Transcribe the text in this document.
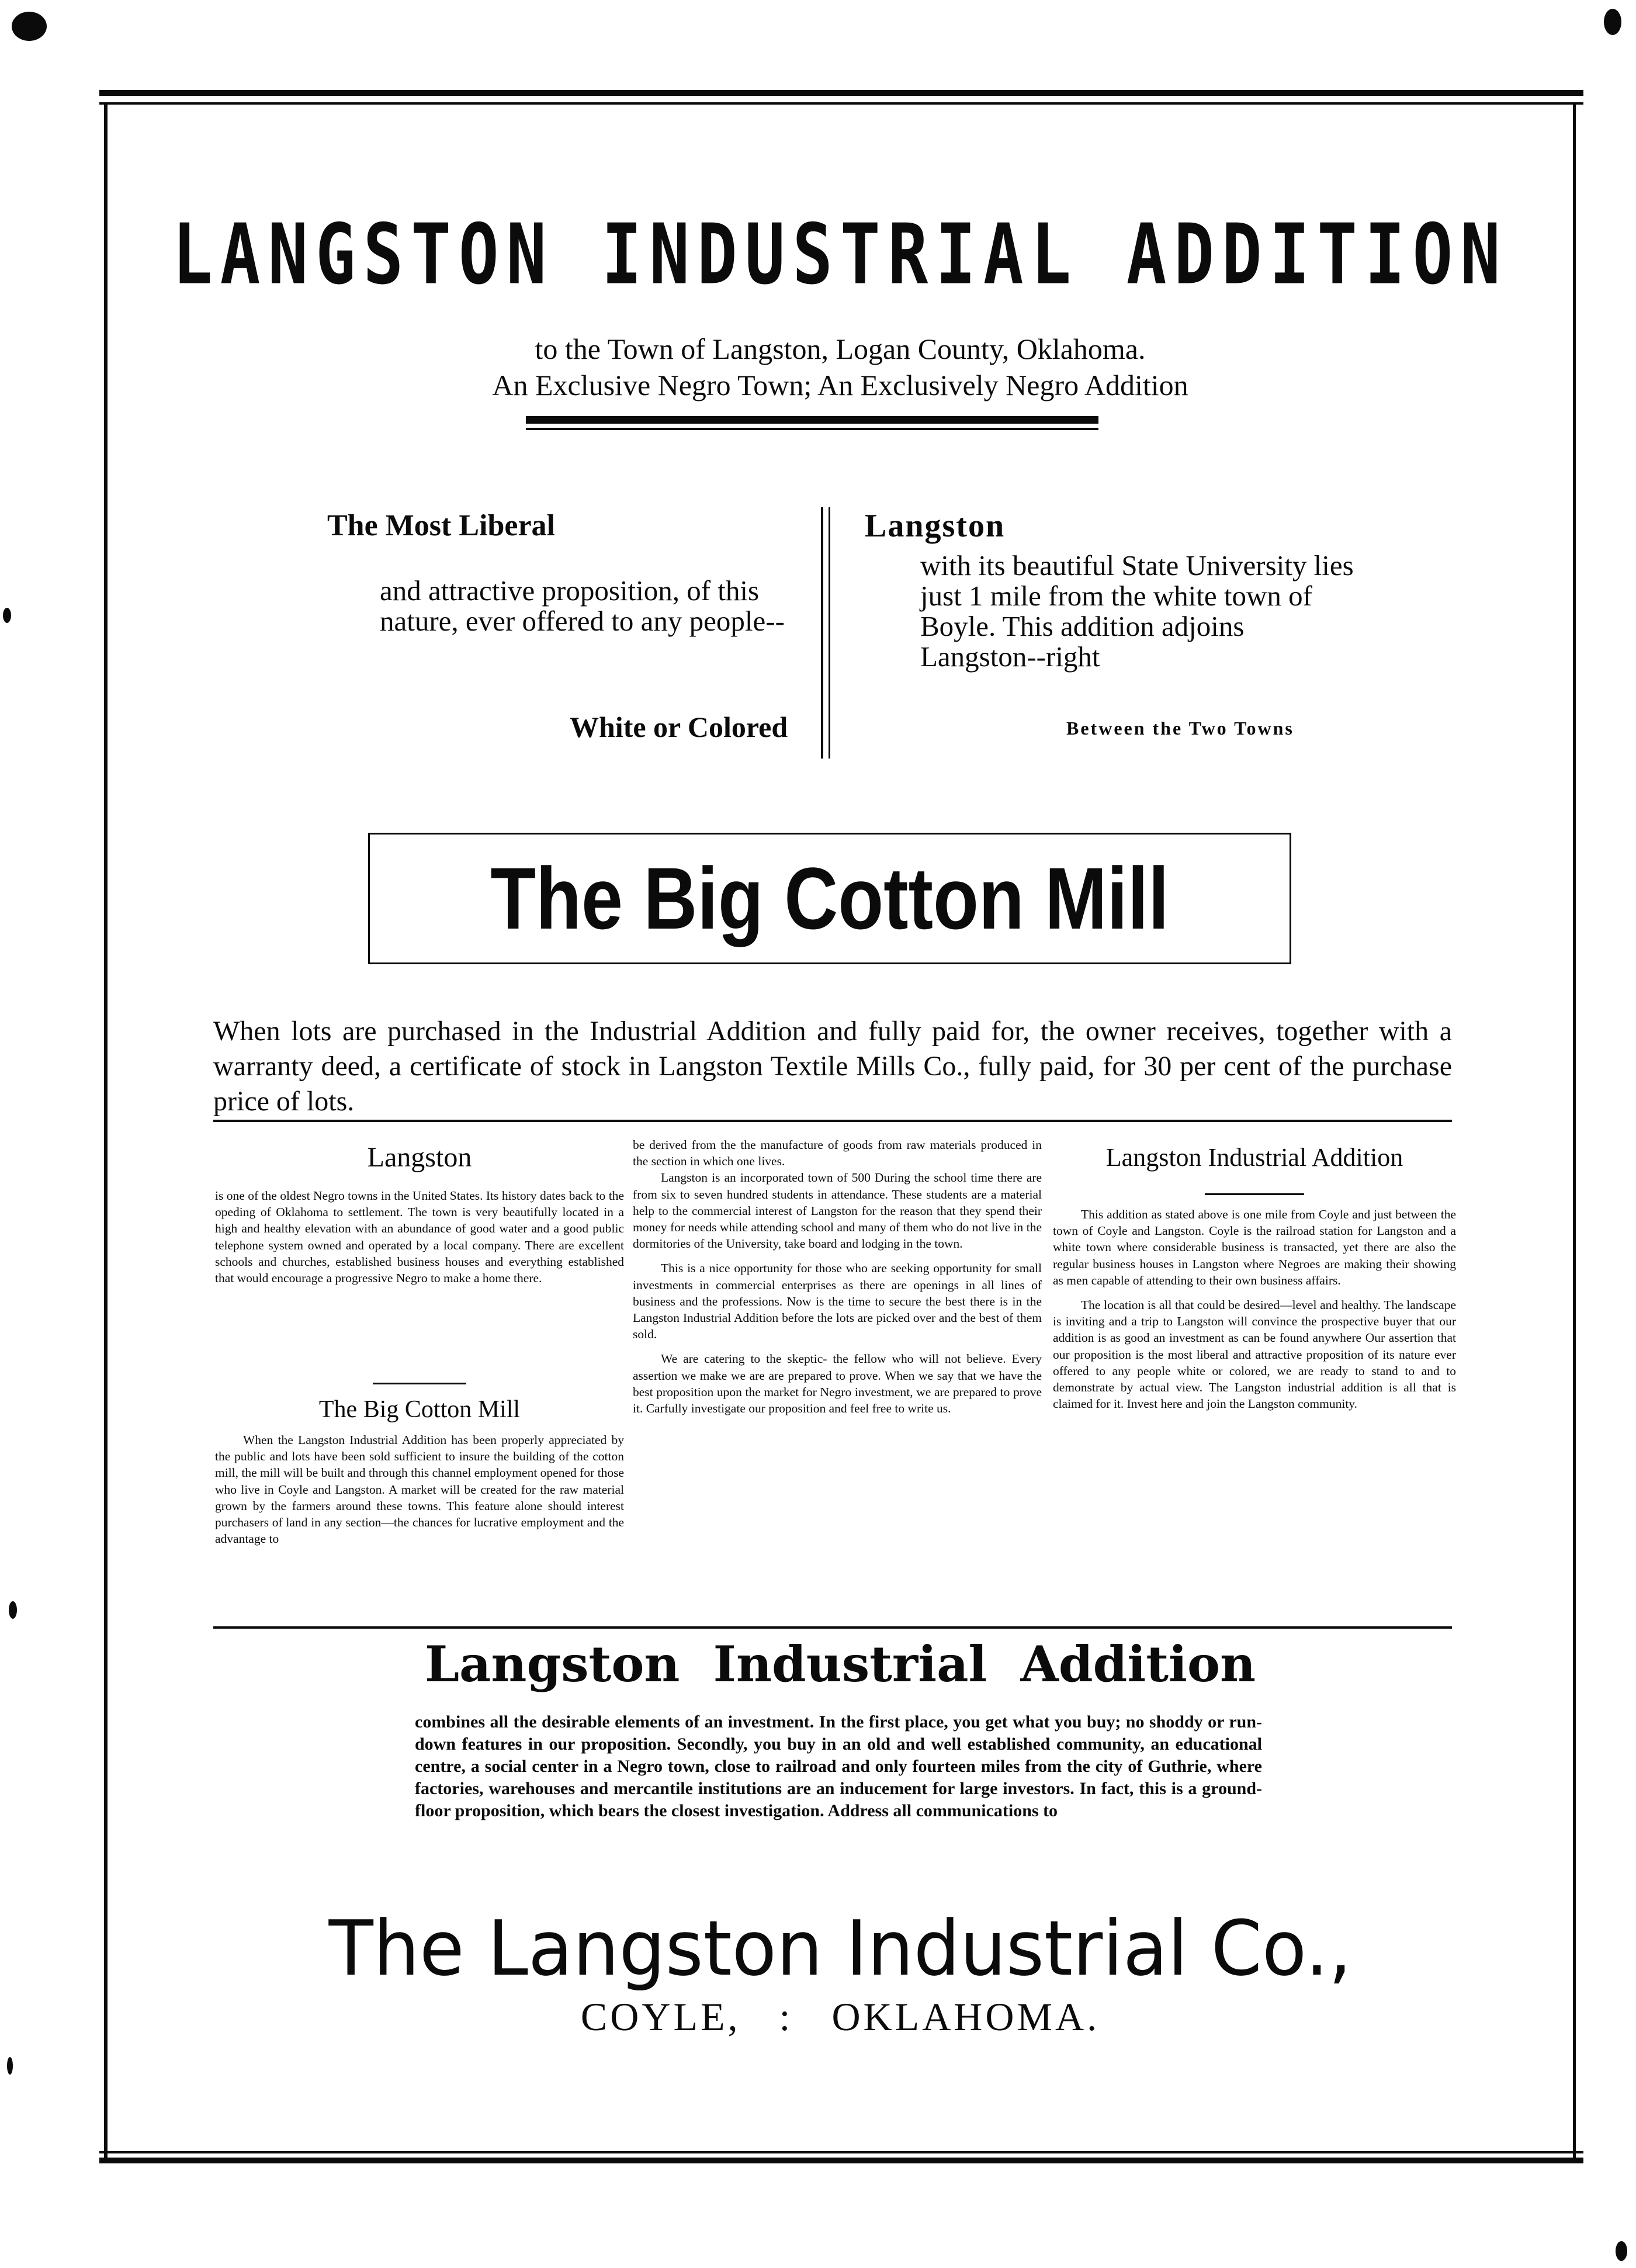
LANGSTON INDUSTRIAL ADDITION
to the Town of Langston, Logan County, Oklahoma.
An Exclusive Negro Town; An Exclusively Negro Addition
The Most Liberal
and attractive proposition, of this nature, ever offered to any people--
White or Colored
Langston
with its beautiful State University lies just 1 mile from the white town of Boyle. This addition adjoins Langston--right
Between the Two Towns
The Big Cotton Mill
When lots are purchased in the Industrial Addition and fully paid for, the owner receives, together with a warranty deed, a certificate of stock in Langston Textile Mills Co., fully paid, for 30 per cent of the purchase price of lots.
Langston

is one of the oldest Negro towns in the United States. Its history dates back to the opeding of Oklahoma to settlement. The town is very beautifully located in a high and healthy elevation with an abundance of good water and a good public telephone system owned and operated by a local company. There are excellent schools and churches, established business houses and everything established that would encourage a progressive Negro to make a home there.

The Big Cotton Mill

When the Langston Industrial Addition has been properly appreciated by the public and lots have been sold sufficient to insure the building of the cotton mill, the mill will be built and through this channel employment opened for those who live in Coyle and Langston. A market will be created for the raw material grown by the farmers around these towns. This feature alone should interest purchasers of land in any section—the chances for lucrative employment and the advantage to

be derived from the the manufacture of goods from raw materials produced in the section in which one lives.

Langston is an incorporated town of 500 During the school time there are from six to seven hundred students in attendance. These students are a material help to the commercial interest of Langston for the reason that they spend their money for needs while attending school and many of them who do not live in the dormitories of the University, take board and lodging in the town.

This is a nice opportunity for those who are seeking opportunity for small investments in commercial enterprises as there are openings in all lines of business and the professions. Now is the time to secure the best there is in the Langston Industrial Addition before the lots are picked over and the best of them sold.

We are catering to the skeptic- the fellow who will not believe. Every assertion we make we are are prepared to prove. When we say that we have the best proposition upon the market for Negro investment, we are prepared to prove it. Carfully investigate our proposition and feel free to write us.

Langston Industrial Addition

This addition as stated above is one mile from Coyle and just between the town of Coyle and Langston. Coyle is the railroad station for Langston and a white town where considerable business is transacted, yet there are also the regular business houses in Langston where Negroes are making their showing as men capable of attending to their own business affairs.

The location is all that could be desired—level and healthy. The landscape is inviting and a trip to Langston will convince the prospective buyer that our addition is as good an investment as can be found anywhere Our assertion that our proposition is the most liberal and attractive proposition of its nature ever offered to any people white or colored, we are ready to stand to and to demonstrate by actual view. The Langston industrial addition is all that is claimed for it. Invest here and join the Langston community.

Langston Industrial Addition
combines all the desirable elements of an investment. In the first place, you get what you buy; no shoddy or run-down features in our proposition. Secondly, you buy in an old and well established community, an educational centre, a social center in a Negro town, close to railroad and only fourteen miles from the city of Guthrie, where factories, warehouses and mercantile institutions are an inducement for large investors. In fact, this is a ground-floor proposition, which bears the closest investigation. Address all communications to
The Langston Industrial Co.,
COYLE,   :   OKLAHOMA.
